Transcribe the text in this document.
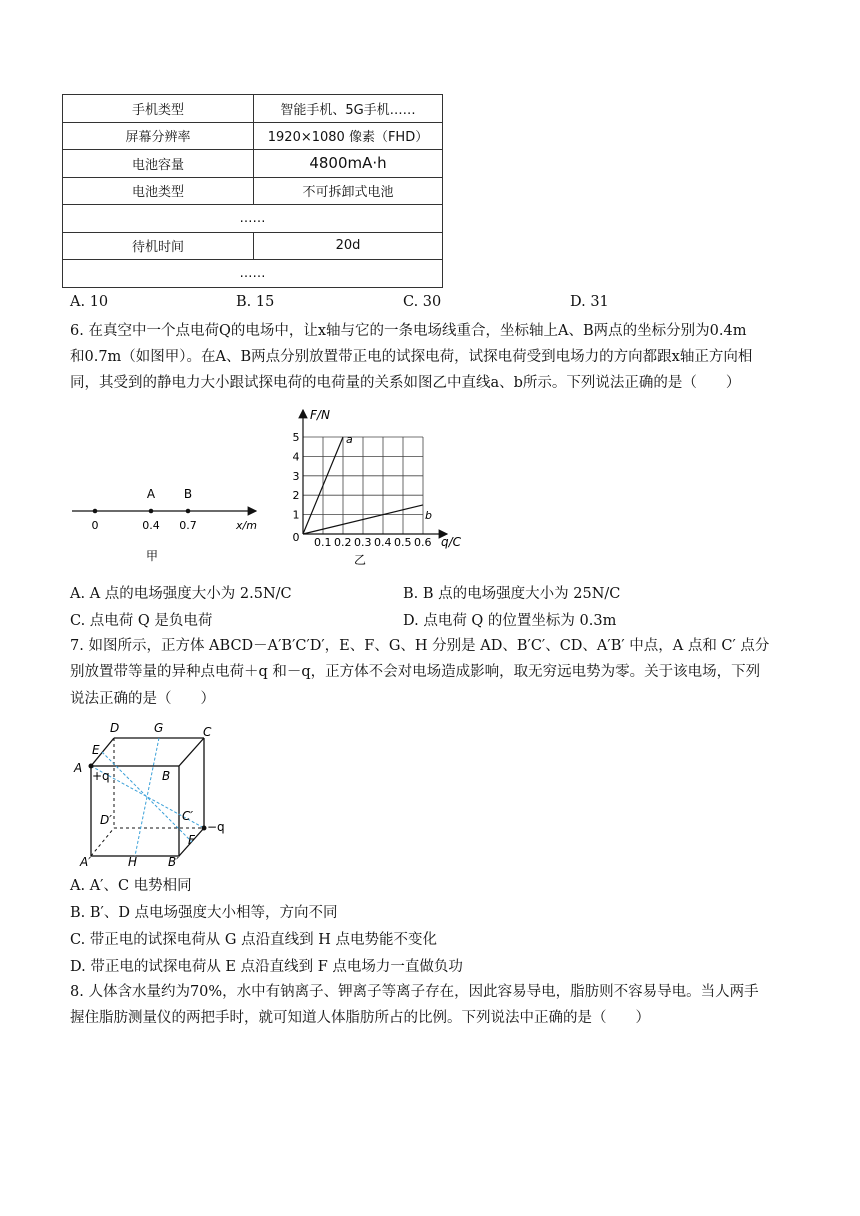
手机类型	智能手机、5G手机……
屏幕分辨率	1920×1080 像素（FHD）
电池容量	4800mA·h
电池类型	不可拆卸式电池
……	
待机时间	20d
……	
A. 10	B. 15	C. 30	D. 31
6. 在真空中一个点电荷Q的电场中，让x轴与它的一条电场线重合，坐标轴上A、B两点的坐标分别为0.4m
和0.7m（如图甲）。在A、B两点分别放置带正电的试探电荷，试探电荷受到电场力的方向都跟x轴正方向相
同，其受到的静电力大小跟试探电荷的电荷量的关系如图乙中直线a、b所示。下列说法正确的是（　　）
A B
0	0.4 0.7	x/m
甲
1
2
3
4
5
0.1 0.2 0.3 0.4 0.5 0.6
a
b
F/N
q/C
0
乙
A. A 点的电场强度大小为 2.5N/C	B. B 点的电场强度大小为 25N/C
C. 点电荷 Q 是负电荷	D. 点电荷 Q 的位置坐标为 0.3m
7. 如图所示，正方体 ABCD－A′B′C′D′，E、F、G、H 分别是 AD、B′C′、CD、A′B′ 中点，A 点和 C′ 点分
别放置带等量的异种点电荷＋q 和－q，正方体不会对电场造成影响，取无穷远电势为零。关于该电场，下列
说法正确的是（　　）
D	G	C
E
A
+q	B
D′	C′
−q
F
A′	H	B′
A. A′、C 电势相同
B. B′、D 点电场强度大小相等，方向不同
C. 带正电的试探电荷从 G 点沿直线到 H 点电势能不变化
D. 带正电的试探电荷从 E 点沿直线到 F 点电场力一直做负功
8. 人体含水量约为70%，水中有钠离子、钾离子等离子存在，因此容易导电，脂肪则不容易导电。当人两手
握住脂肪测量仪的两把手时，就可知道人体脂肪所占的比例。下列说法中正确的是（　　）
